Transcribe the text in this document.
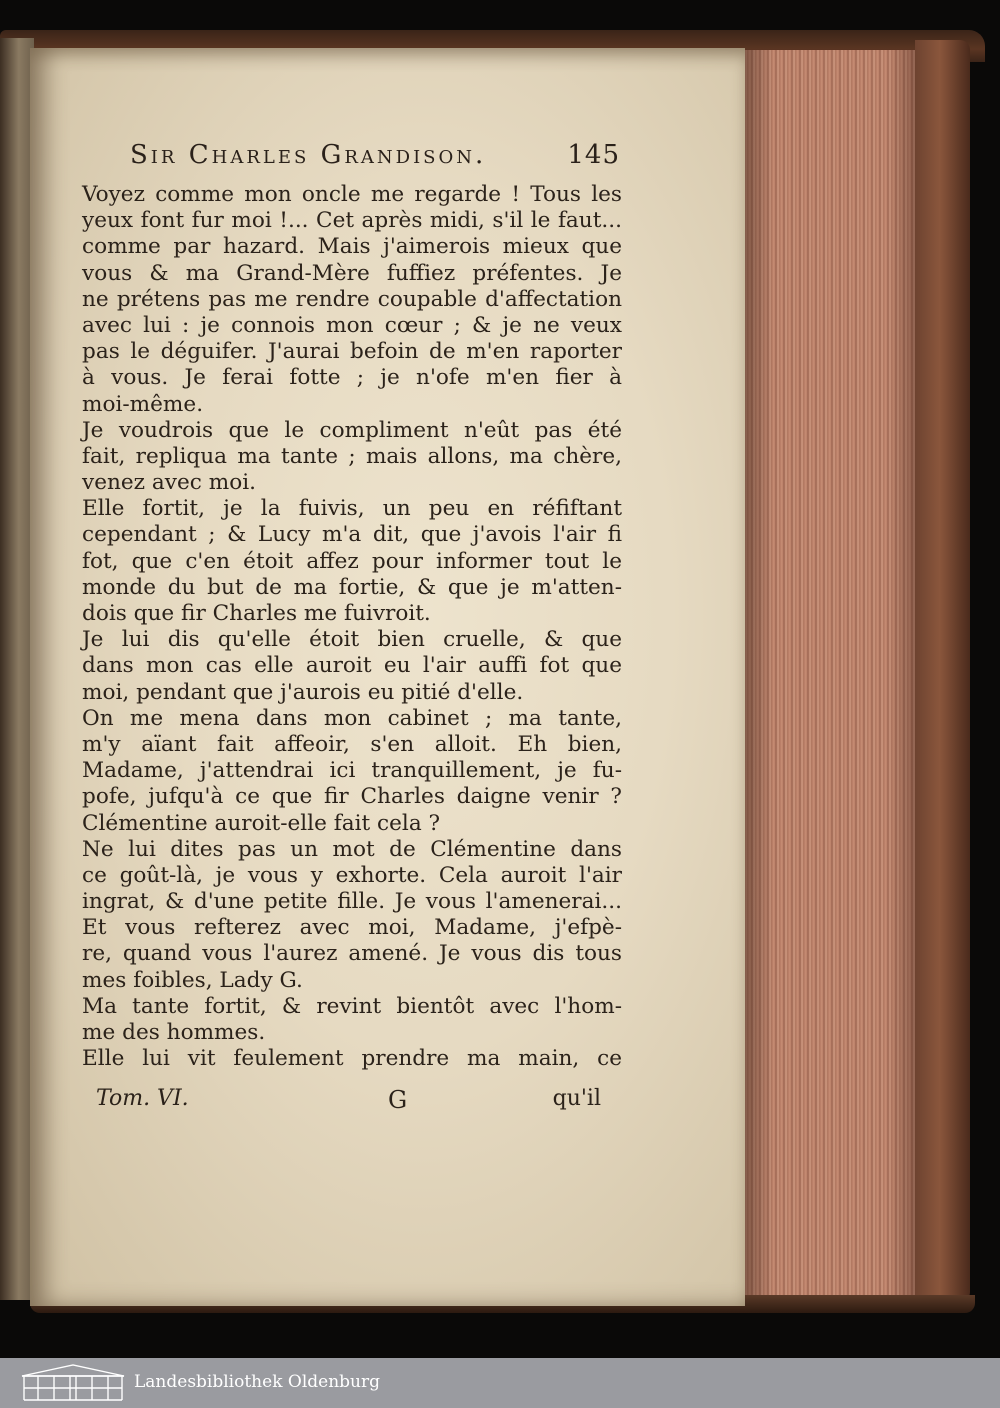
Sir Charles Grandison.	145
Voyez comme mon oncle me regarde ! Tous les
yeux font fur moi !... Cet après midi, s'il le faut...
comme par hazard. Mais j'aimerois mieux que
vous & ma Grand-Mère fuffiez préfentes. Je
ne prétens pas me rendre coupable d'affectation
avec lui : je connois mon cœur ; & je ne veux
pas le déguifer. J'aurai befoin de m'en raporter
à vous. Je ferai fotte ; je n'ofe m'en fier à
moi-même.
Je voudrois que le compliment n'eût pas été
fait, repliqua ma tante ; mais allons, ma chère,
venez avec moi.
Elle fortit, je la fuivis, un peu en réfiftant
cependant ; & Lucy m'a dit, que j'avois l'air fi
fot, que c'en étoit affez pour informer tout le
monde du but de ma fortie, & que je m'atten-
dois que fir Charles me fuivroit.
Je lui dis qu'elle étoit bien cruelle, & que
dans mon cas elle auroit eu l'air auffi fot que
moi, pendant que j'aurois eu pitié d'elle.
On me mena dans mon cabinet ; ma tante,
m'y aïant fait affeoir, s'en alloit. Eh bien,
Madame, j'attendrai ici tranquillement, je fu-
pofe, jufqu'à ce que fir Charles daigne venir ?
Clémentine auroit-elle fait cela ?
Ne lui dites pas un mot de Clémentine dans
ce goût-là, je vous y exhorte. Cela auroit l'air
ingrat, & d'une petite fille. Je vous l'amenerai...
Et vous refterez avec moi, Madame, j'efpè-
re, quand vous l'aurez amené. Je vous dis tous
mes foibles, Lady G.
Ma tante fortit, & revint bientôt avec l'hom-
me des hommes.
Elle lui vit feulement prendre ma main, ce
Tom. VI.	G	qu'il
Landesbibliothek Oldenburg
